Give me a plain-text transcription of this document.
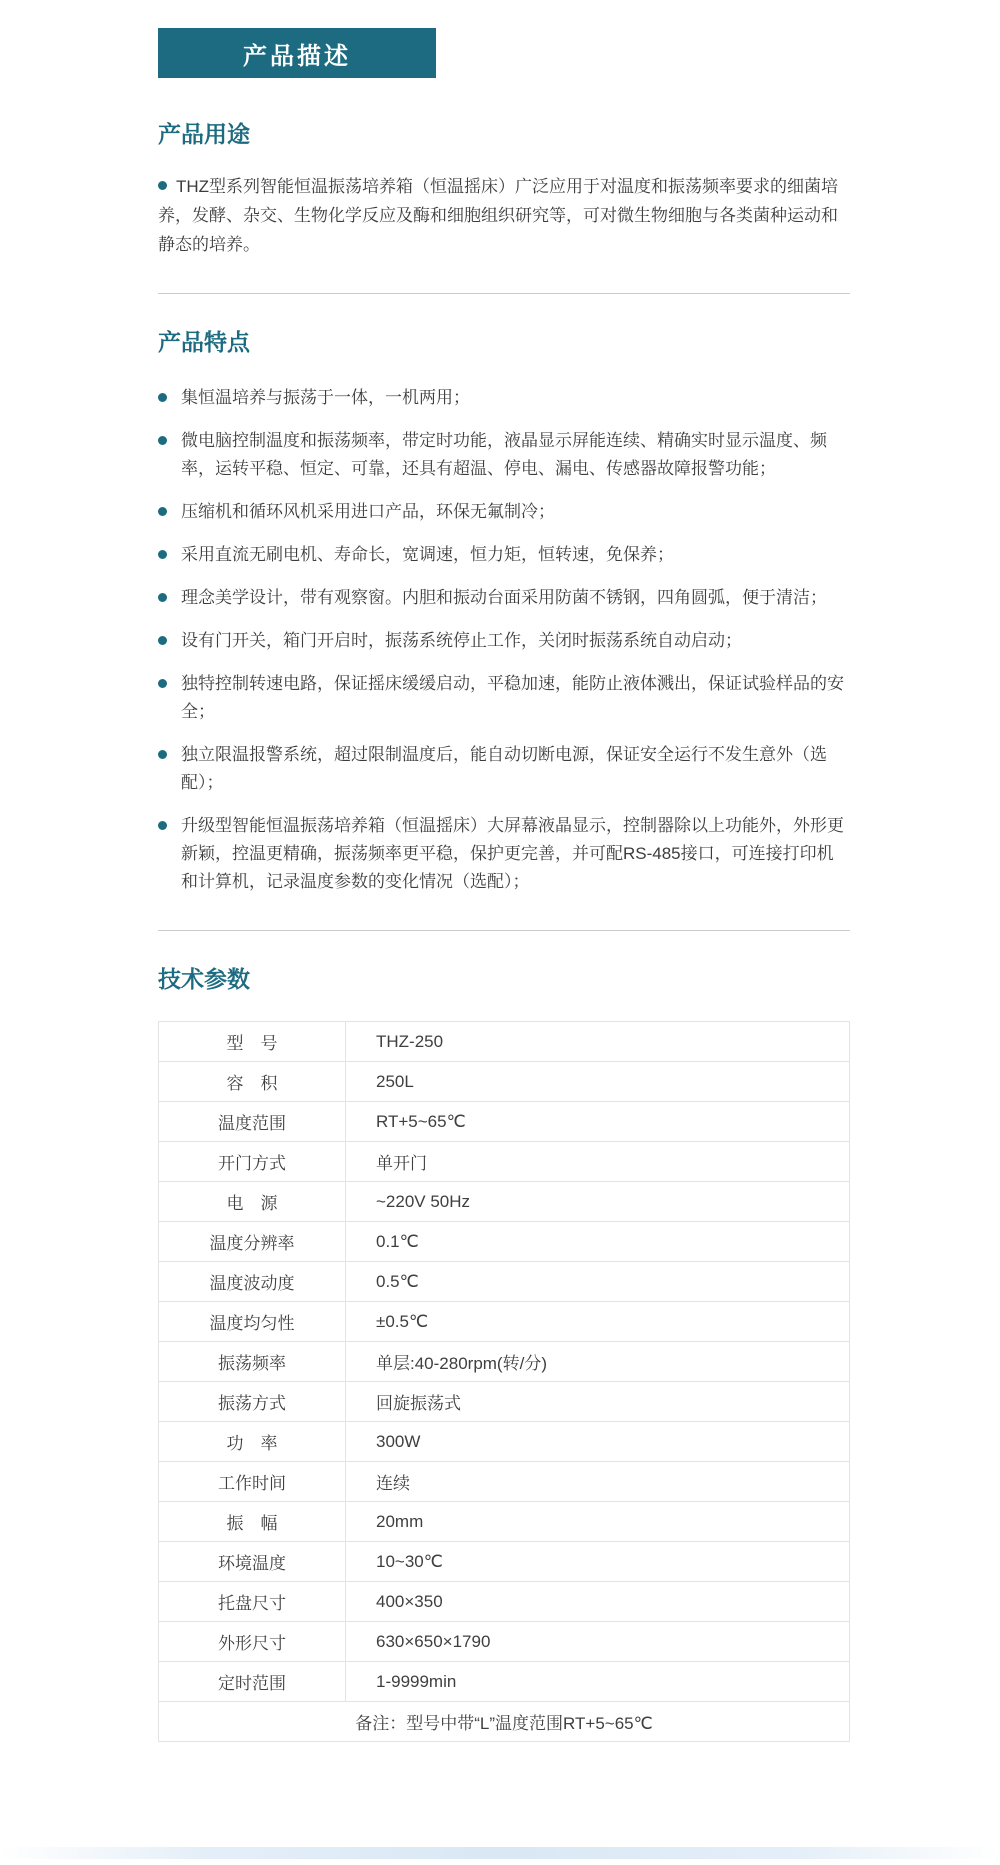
产品描述
产品用途

THZ型系列智能恒温振荡培养箱（恒温摇床）广泛应用于对温度和振荡频率要求的细菌培养，发酵、杂交、生物化学反应及酶和细胞组织研究等，可对微生物细胞与各类菌种运动和静态的培养。

产品特点
集恒温培养与振荡于一体，一机两用；
微电脑控制温度和振荡频率，带定时功能，液晶显示屏能连续、精确实时显示温度、频率，运转平稳、恒定、可靠，还具有超温、停电、漏电、传感器故障报警功能；
压缩机和循环风机采用进口产品，环保无氟制冷；
采用直流无刷电机、寿命长，宽调速，恒力矩，恒转速，免保养；
理念美学设计，带有观察窗。内胆和振动台面采用防菌不锈钢，四角圆弧，便于清洁；
设有门开关，箱门开启时，振荡系统停止工作，关闭时振荡系统自动启动；
独特控制转速电路，保证摇床缓缓启动，平稳加速，能防止液体溅出，保证试验样品的安全；
独立限温报警系统，超过限制温度后，能自动切断电源，保证安全运行不发生意外（选配）；
升级型智能恒温振荡培养箱（恒温摇床）大屏幕液晶显示，控制器除以上功能外，外形更新颖，控温更精确，振荡频率更平稳，保护更完善，并可配RS-485接口，可连接打印机和计算机，记录温度参数的变化情况（选配）；
技术参数
型　号	THZ-250
容　积	250L
温度范围	RT+5~65℃
开门方式	单开门
电　源	~220V 50Hz
温度分辨率	0.1℃
温度波动度	0.5℃
温度均匀性	±0.5℃
振荡频率	单层:40-280rpm(转/分)
振荡方式	回旋振荡式
功　率	300W
工作时间	连续
振　幅	20mm
环境温度	10~30℃
托盘尺寸	400×350
外形尺寸	630×650×1790
定时范围	1-9999min
备注：型号中带“L”温度范围RT+5~65℃	
